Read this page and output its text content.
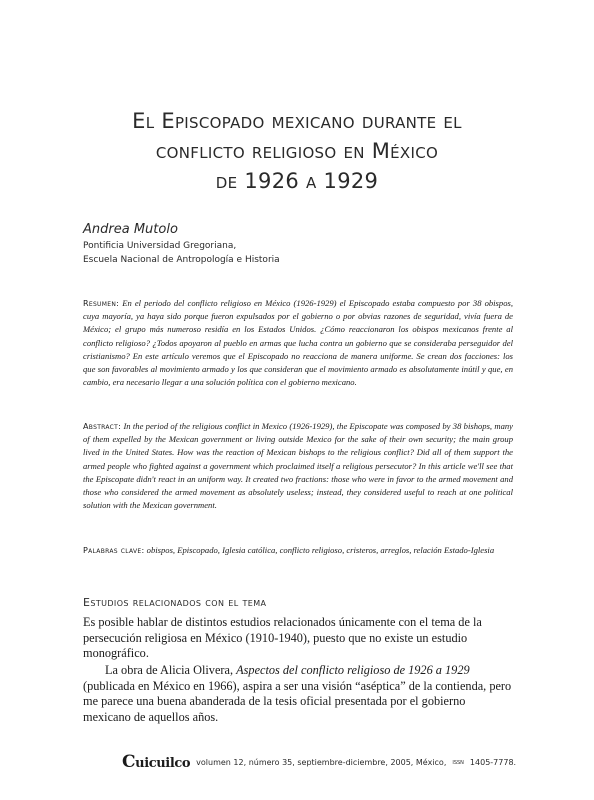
El Episcopado mexicano durante el
conflicto religioso en México
de 1926 a 1929
Andrea Mutolo
Pontificia Universidad Gregoriana,
Escuela Nacional de Antropología e Historia

Resumen: En el periodo del conflicto religioso en México (1926-1929) el Episcopado estaba compuesto por 38 obispos, cuya mayoría, ya haya sido porque fueron expulsados por el gobierno o por obvias razones de seguridad, vivía fuera de México; el grupo más numeroso residía en los Estados Unidos. ¿Cómo reaccionaron los obispos mexicanos frente al conflicto religioso? ¿Todos apoyaron al pueblo en armas que lucha contra un gobierno que se consideraba perseguidor del cristianismo? En este artículo veremos que el Episcopado no reacciona de manera uniforme. Se crean dos facciones: los que son favorables al movimiento armado y los que consideran que el movimiento armado es absolutamente inútil y que, en cambio, era necesario llegar a una solución política con el gobierno mexicano.

Abstract: In the period of the religious conflict in Mexico (1926-1929), the Episcopate was composed by 38 bishops, many of them expelled by the Mexican government or living outside Mexico for the sake of their own security; the main group lived in the United States. How was the reaction of Mexican bishops to the religious conflict? Did all of them support the armed people who fighted against a government which proclaimed itself a religious persecutor? In this article we'll see that the Episcopate didn't react in an uniform way. It created two fractions: those who were in favor to the armed movement and those who considered the armed movement as absolutely useless; instead, they considered useful to reach at one political solution with the Mexican government.

Palabras clave: obispos, Episcopado, Iglesia católica, conflicto religioso, cristeros, arreglos, relación Estado-Iglesia

Estudios relacionados con el tema

Es posible hablar de distintos estudios relacionados únicamente con el tema de la persecución religiosa en México (1910-1940), puesto que no existe un estudio monográfico.

La obra de Alicia Olivera, Aspectos del conflicto religioso de 1926 a 1929 (publicada en México en 1966), aspira a ser una visión “aséptica” de la contienda, pero me parece una buena abanderada de la tesis oficial presentada por el gobierno mexicano de aquellos años.

Cuicuilco volumen 12, número 35, septiembre-diciembre, 2005, México, issn 1405-7778.
